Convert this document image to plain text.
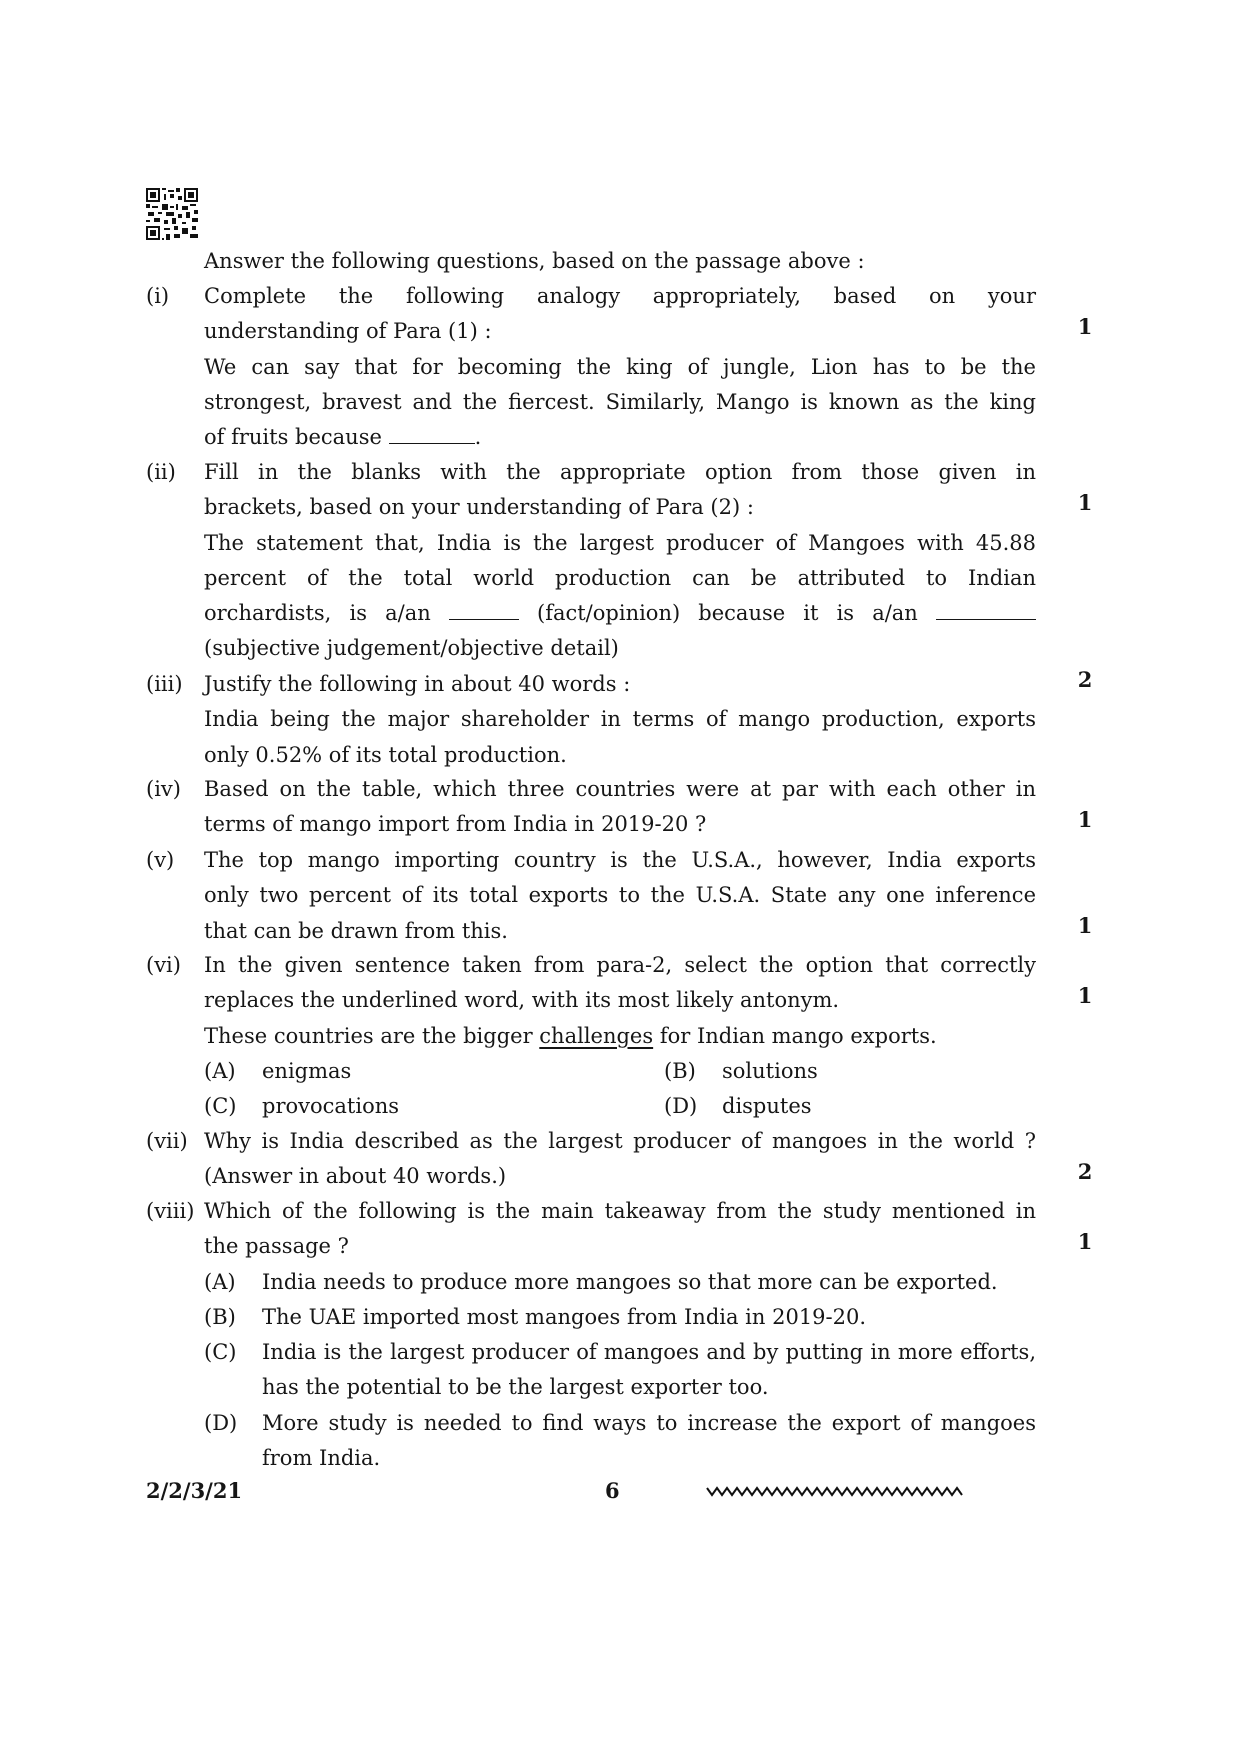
Answer the following questions, based on the passage above :

(i)	Complete the following analogy appropriately, based on your
understanding of Para (1) :
We can say that for becoming the king of jungle, Lion has to be the
strongest, bravest and the fiercest. Similarly, Mango is known as the king
of fruits because	.
1
(ii)	Fill in the blanks with the appropriate option from those given in
brackets, based on your understanding of Para (2) :
The statement that, India is the largest producer of Mangoes with 45.88
percent of the total world production can be attributed to Indian
orchardists, is a/an	(fact/opinion) because it is a/an
(subjective judgement/objective detail)
1
(iii)	Justify the following in about 40 words :
India being the major shareholder in terms of mango production, exports
only 0.52% of its total production.
2
(iv)	Based on the table, which three countries were at par with each other in
terms of mango import from India in 2019-20 ?	1
(v)	The top mango importing country is the U.S.A., however, India exports
only two percent of its total exports to the U.S.A. State any one inference
that can be drawn from this.	1
(vi)	In the given sentence taken from para-2, select the option that correctly
replaces the underlined word, with its most likely antonym.
These countries are the bigger challenges for Indian mango exports.
(A)	enigmas	(B)	solutions
(C)	provocations	(D)	disputes
1
(vii) Why is India described as the largest producer of mangoes in the world ?
(Answer in about 40 words.)	2
(viii) Which of the following is the main takeaway from the study mentioned in
the passage ?
(A)	India needs to produce more mangoes so that more can be exported.
(B)	The UAE imported most mangoes from India in 2019-20.
(C)	India is the largest producer of mangoes and by putting in more efforts, has the potential to be the largest exporter too.
(D)	More study is needed to find ways to increase the export of mangoes from India.
1
2/2/3/21	6
